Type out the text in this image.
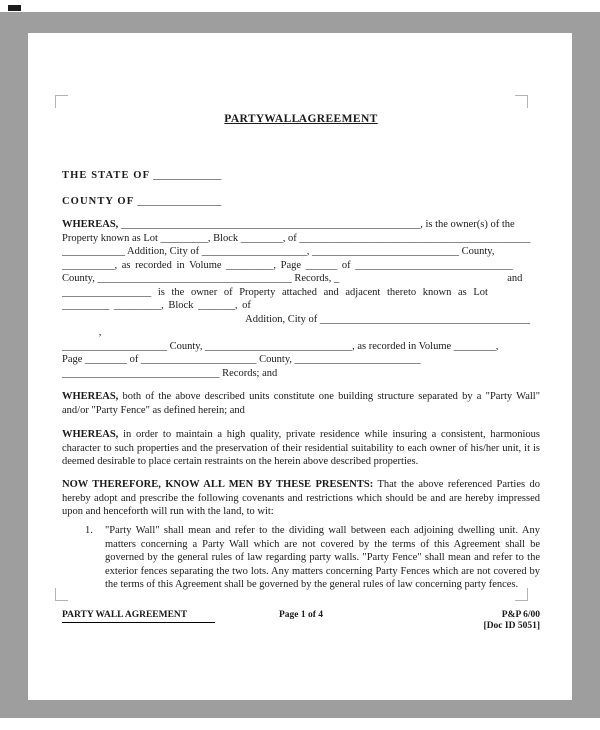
PARTY WALL AGREEMENT
THE STATE OF _____________
COUNTY OF ________________
WHEREAS, _________________________________________________________, is the owner(s) of the
Property known as Lot _________, Block ________, of ____________________________________________
____________ Addition, City of ____________________, ____________________________ County,
__________, as recorded in Volume _________, Page ______ of ______________________________
County, _____________________________________ Records, _                                                                and
_________________ is the owner of Property attached and adjacent thereto known as Lot
_________ _________, Block _______, of
Addition, City of ________________________________________
,
____________________ County, ____________________________, as recorded in Volume ________,
Page ________ of ______________________ County, ________________________
______________________________ Records; and
WHEREAS, both of the above described units constitute one building structure separated by a "Party Wall" and/or "Party Fence" as defined herein; and
WHEREAS, in order to maintain a high quality, private residence while insuring a consistent, harmonious character to such properties and the preservation of their residential suitability to each owner of his/her unit, it is deemed desirable to place certain restraints on the herein above described properties.
NOW THEREFORE, KNOW ALL MEN BY THESE PRESENTS: That the above referenced Parties do hereby adopt and prescribe the following covenants and restrictions which should be and are hereby impressed upon and henceforth will run with the land, to wit:
1.	"Party Wall" shall mean and refer to the dividing wall between each adjoining dwelling unit. Any matters concerning a Party Wall which are not covered by the terms of this Agreement shall be governed by the general rules of law regarding party walls. "Party Fence" shall mean and refer to the exterior fences separating the two lots. Any matters concerning Party Fences which are not covered by the terms of this Agreement shall be governed by the general rules of law concerning party fences.
PARTY WALL AGREEMENT	Page 1 of 4	P&P 6/00
[Doc ID 5051]
